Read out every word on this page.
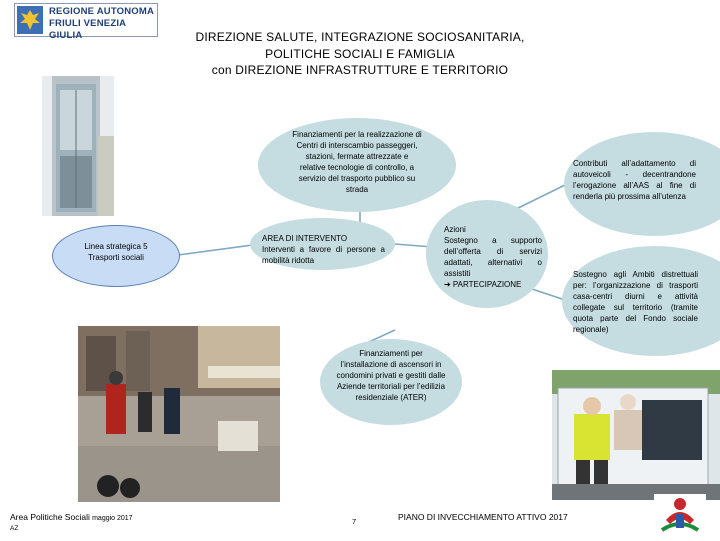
REGIONE AUTONOMA
FRIULI VENEZIA GIULIA	DIREZIONE SALUTE, INTEGRAZIONE SOCIOSANITARIA,
POLITICHE SOCIALI E FAMIGLIA
con DIREZIONE INFRASTRUTTURE E TERRITORIO
Linea strategica 5
Trasporti sociali
Finanziamenti per la realizzazione di Centri di interscambio passeggeri, stazioni, fermate attrezzate e relative tecnologie di controllo, a servizio del trasporto pubblico su strada
AREA DI INTERVENTO
Interventi a favore di persone a mobilità ridotta
Azioni
Sostegno a supporto dell’offerta di servizi adattati, alternativi o assistiti
➔ PARTECIPAZIONE
Contributi all’adattamento di autoveicoli - decentrandone l’erogazione all’AAS al fine di renderla più prossima all’utenza
Sostegno agli Ambiti distrettuali per: l’organizzazione di trasporti casa-centri diurni e attività collegate sul territorio (tramite quota parte del Fondo sociale regionale)
Finanziamenti per l’installazione di ascensori in condomini privati e gestiti dalle Aziende territoriali per l’edilizia residenziale (ATER)
Area Politiche Sociali maggio 2017
AZ
7	PIANO DI INVECCHIAMENTO ATTIVO 2017
